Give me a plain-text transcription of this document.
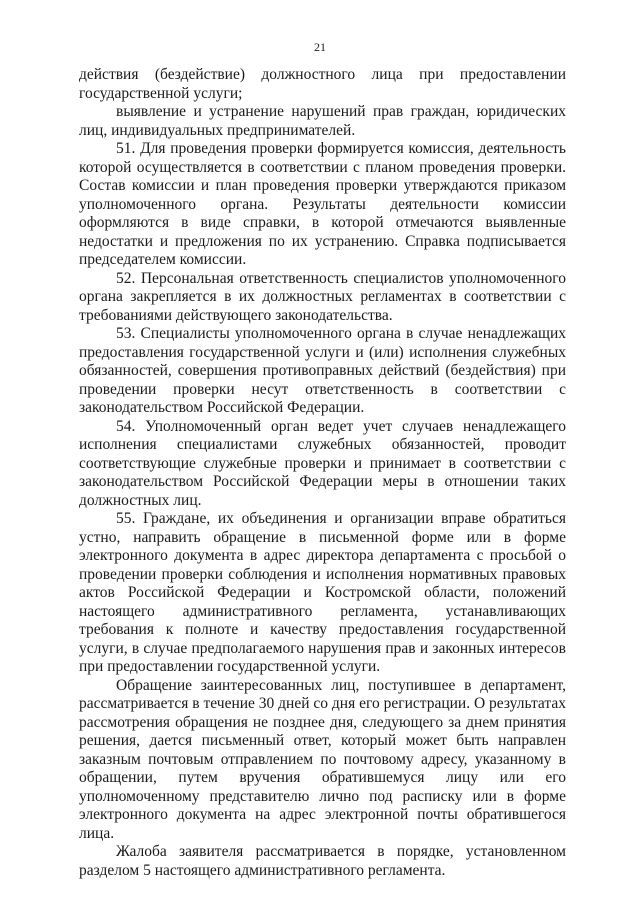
21

действия (бездействие) должностного лица при предоставлении государственной услуги;

выявление и устранение нарушений прав граждан, юридических лиц, индивидуальных предпринимателей.

51. Для проведения проверки формируется комиссия, деятельность которой осуществляется в соответствии с планом проведения проверки. Состав комиссии и план проведения проверки утверждаются приказом уполномоченного органа. Результаты деятельности комиссии оформляются в виде справки, в которой отмечаются выявленные недостатки и предложения по их устранению. Справка подписывается председателем комиссии.

52. Персональная ответственность специалистов уполномоченного органа закрепляется в их должностных регламентах в соответствии с требованиями действующего законодательства.

53. Специалисты уполномоченного органа в случае ненадлежащих предоставления государственной услуги и (или) исполнения служебных обязанностей, совершения противоправных действий (бездействия) при проведении проверки несут ответственность в соответствии с законодательством Российской Федерации.

54. Уполномоченный орган ведет учет случаев ненадлежащего исполнения специалистами служебных обязанностей, проводит соответствующие служебные проверки и принимает в соответствии с законодательством Российской Федерации меры в отношении таких должностных лиц.

55. Граждане, их объединения и организации вправе обратиться устно, направить обращение в письменной форме или в форме электронного документа в адрес директора департамента с просьбой о проведении проверки соблюдения и исполнения нормативных правовых актов Российской Федерации и Костромской области, положений настоящего административного регламента, устанавливающих требования к полноте и качеству предоставления государственной услуги, в случае предполагаемого нарушения прав и законных интересов при предоставлении государственной услуги.

Обращение заинтересованных лиц, поступившее в департамент, рассматривается в течение 30 дней со дня его регистрации. О результатах рассмотрения обращения не позднее дня, следующего за днем принятия решения, дается письменный ответ, который может быть направлен заказным почтовым отправлением по почтовому адресу, указанному в обращении, путем вручения обратившемуся лицу или его уполномоченному представителю лично под расписку или в форме электронного документа на адрес электронной почты обратившегося лица.

Жалоба заявителя рассматривается в порядке, установленном разделом 5 настоящего административного регламента.
